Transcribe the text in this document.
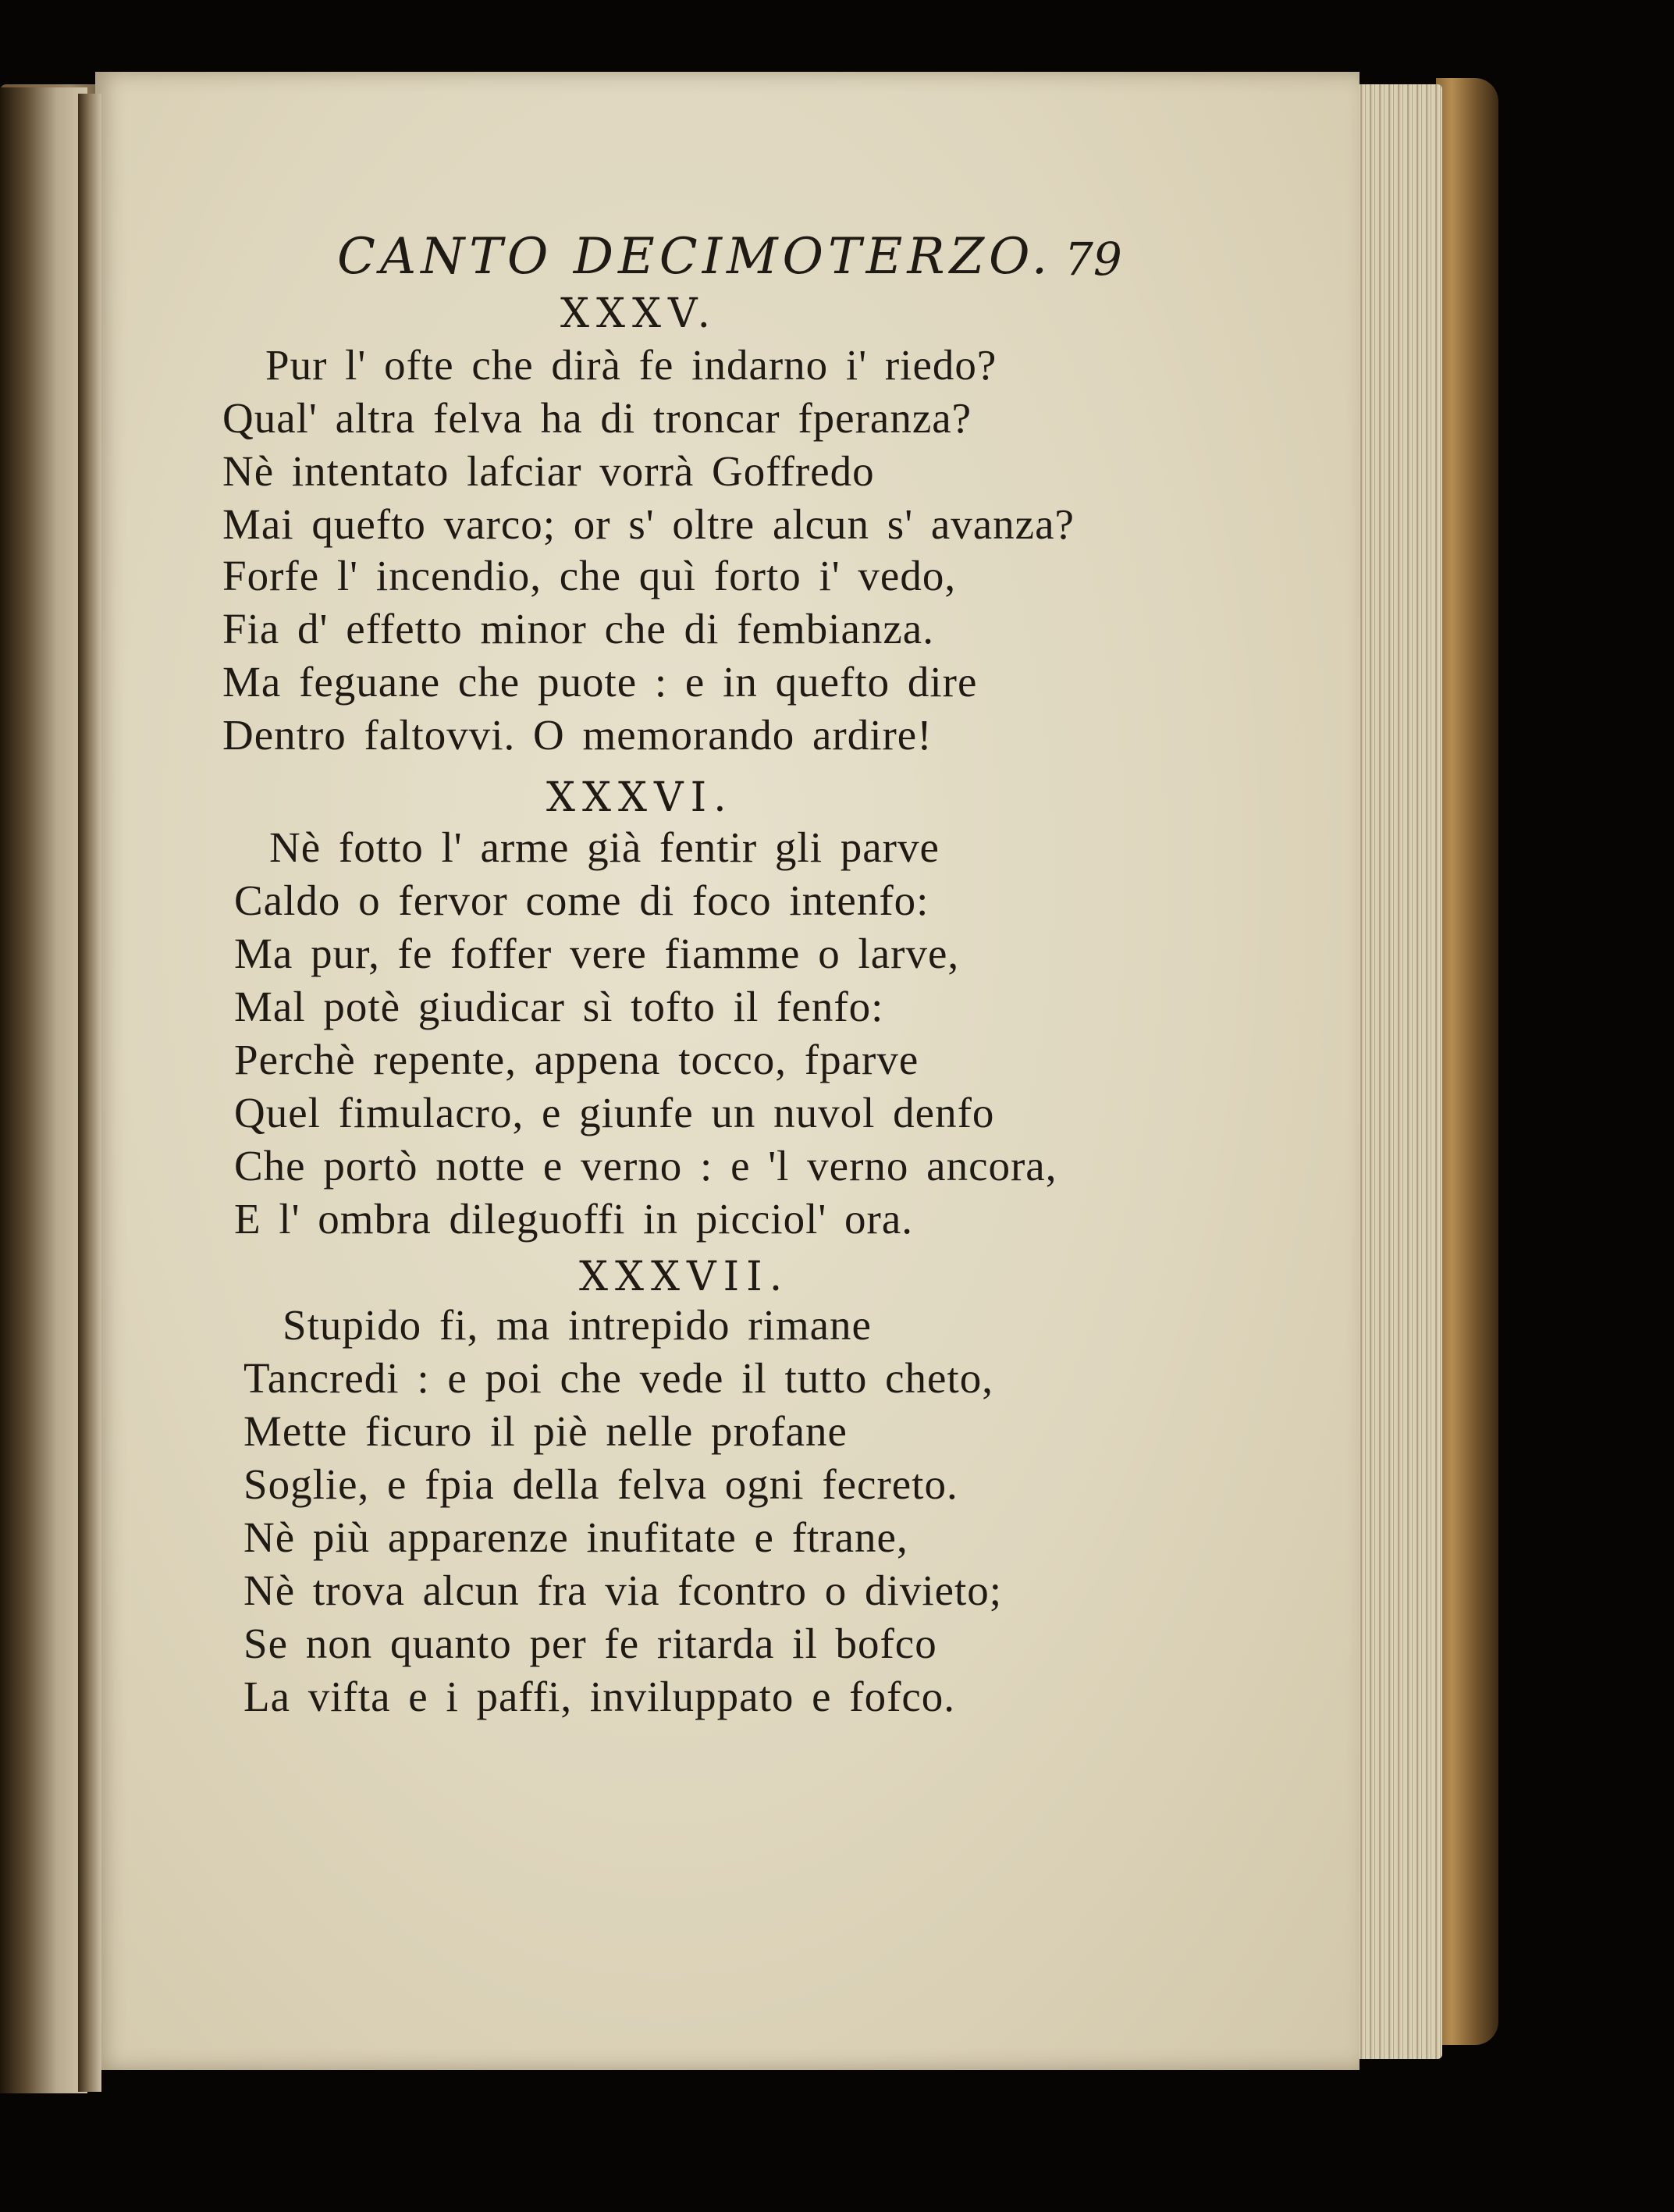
CANTO DECIMOTERZO. 79
XXXV.
Pur l' ofte che dirà fe indarno i' riedo?
Qual' altra felva ha di troncar fperanza?
Nè intentato lafciar vorrà Goffredo
Mai quefto varco; or s' oltre alcun s' avanza?
Forfe l' incendio, che quì forto i' vedo,
Fia d' effetto minor che di fembianza.
Ma feguane che puote : e in quefto dire
Dentro faltovvi. O memorando ardire!
XXXVI.
Nè fotto l' arme già fentir gli parve
Caldo o fervor come di foco intenfo:
Ma pur, fe foffer vere fiamme o larve,
Mal potè giudicar sì tofto il fenfo:
Perchè repente, appena tocco, fparve
Quel fimulacro, e giunfe un nuvol denfo
Che portò notte e verno : e 'l verno ancora,
E l' ombra dileguoffi in picciol' ora.
XXXVII.
Stupido fi, ma intrepido rimane
Tancredi : e poi che vede il tutto cheto,
Mette ficuro il piè nelle profane
Soglie, e fpia della felva ogni fecreto.
Nè più apparenze inufitate e ftrane,
Nè trova alcun fra via fcontro o divieto;
Se non quanto per fe ritarda il bofco
La vifta e i paffi, inviluppato e fofco.
